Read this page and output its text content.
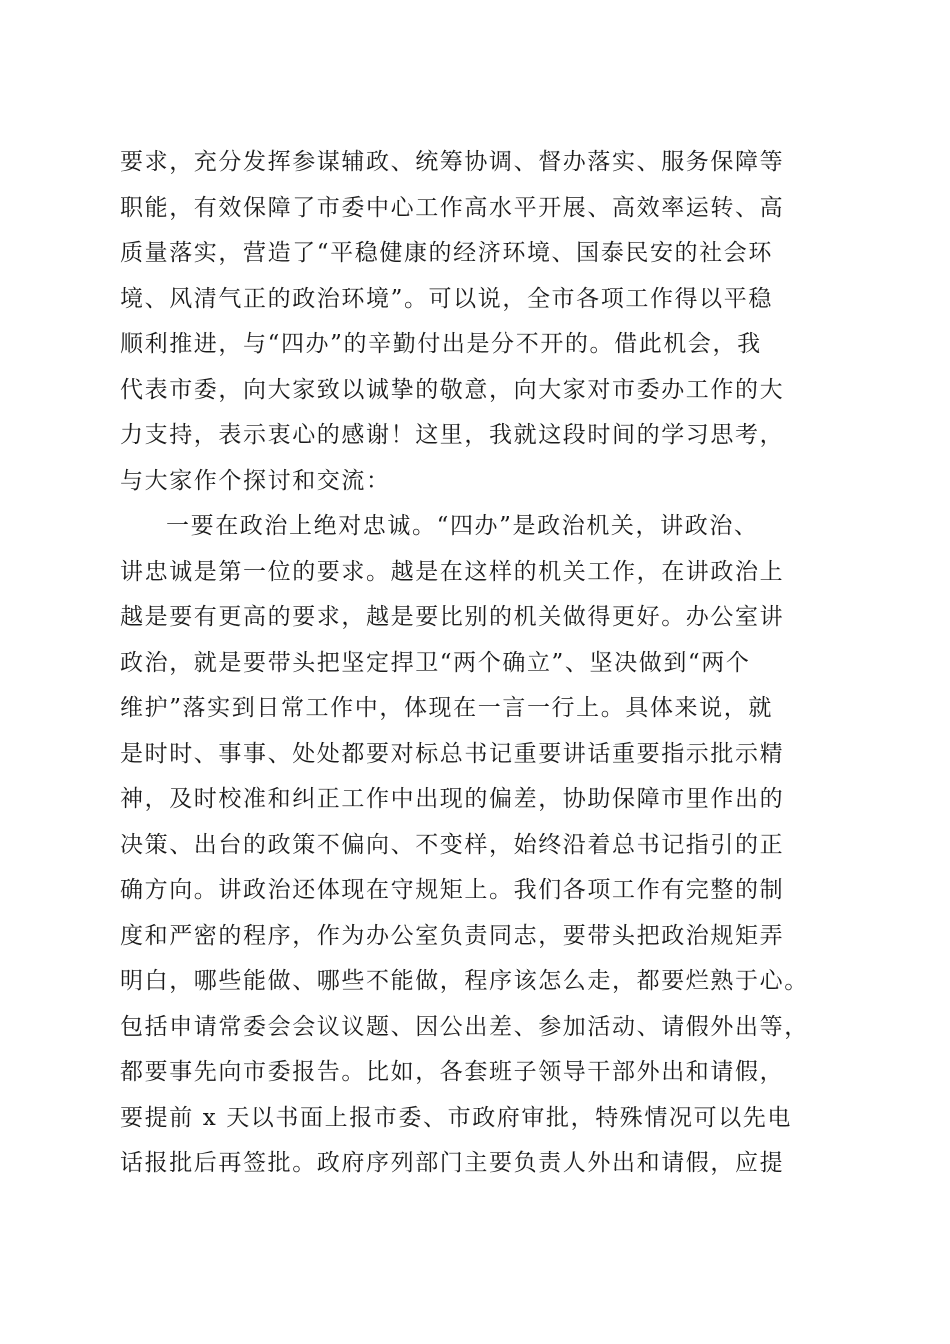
要求，充分发挥参谋辅政、统筹协调、督办落实、服务保障等
职能，有效保障了市委中心工作高水平开展、高效率运转、高
质量落实，营造了“平稳健康的经济环境、国泰民安的社会环
境、风清气正的政治环境”。可以说，全市各项工作得以平稳
顺利推进，与“四办”的辛勤付出是分不开的。借此机会，我
代表市委，向大家致以诚挚的敬意，向大家对市委办工作的大
力支持，表示衷心的感谢！这里，我就这段时间的学习思考，
与大家作个探讨和交流：
一要在政治上绝对忠诚。“四办”是政治机关，讲政治、
讲忠诚是第一位的要求。越是在这样的机关工作，在讲政治上
越是要有更高的要求，越是要比别的机关做得更好。办公室讲
政治，就是要带头把坚定捍卫“两个确立”、坚决做到“两个
维护”落实到日常工作中，体现在一言一行上。具体来说，就
是时时、事事、处处都要对标总书记重要讲话重要指示批示精
神，及时校准和纠正工作中出现的偏差，协助保障市里作出的
决策、出台的政策不偏向、不变样，始终沿着总书记指引的正
确方向。讲政治还体现在守规矩上。我们各项工作有完整的制
度和严密的程序，作为办公室负责同志，要带头把政治规矩弄
明白，哪些能做、哪些不能做，程序该怎么走，都要烂熟于心。
包括申请常委会会议议题、因公出差、参加活动、请假外出等，
都要事先向市委报告。比如，各套班子领导干部外出和请假，
要提前 x 天以书面上报市委、市政府审批，特殊情况可以先电
话报批后再签批。政府序列部门主要负责人外出和请假，应提
